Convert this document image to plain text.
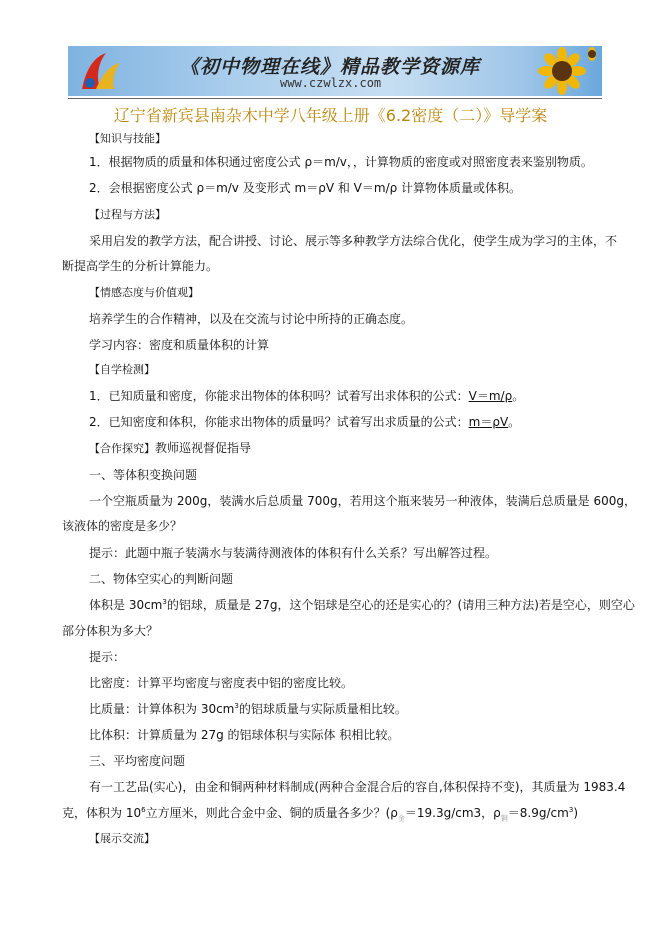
《初中物理在线》精品教学资源库
www.czwlzx.com
辽宁省新宾县南杂木中学八年级上册《6.2密度（二）》导学案
【知识与技能】
1．根据物质的质量和体积通过密度公式 ρ＝m/v，，计算物质的密度或对照密度表来鉴别物质。
2．会根据密度公式 ρ＝m/v 及变形式 m＝ρV 和 V＝m/ρ 计算物体质量或体积。
【过程与方法】
采用启发的教学方法，配合讲授、讨论、展示等多种教学方法综合优化，使学生成为学习的主体，不
断提高学生的分析计算能力。
【情感态度与价值观】
培养学生的合作精神，以及在交流与讨论中所持的正确态度。
学习内容：密度和质量体积的计算
【自学检测】
1．已知质量和密度，你能求出物体的体积吗？试着写出求体积的公式：V＝m/ρ。
2．已知密度和体积，你能求出物体的质量吗？试着写出求质量的公式：m＝ρV。
【合作探究】教师巡视督促指导
一、等体积变换问题
一个空瓶质量为 200g，装满水后总质量 700g，若用这个瓶来装另一种液体，装满后总质量是 600g，
该液体的密度是多少？
提示：此题中瓶子装满水与装满待测液体的体积有什么关系？写出解答过程。
二、物体空实心的判断问题
体积是 $30cm^3$的铝球，质量是 27g，这个铝球是空心的还是实心的？(请用三种方法)若是空心，则空心
部分体积为多大？
提示：
比密度：计算平均密度与密度表中铝的密度比较。
比质量：计算体积为 $30cm^3$的铝球质量与实际质量相比较。
比体积：计算质量为 27g 的铝球体积与实际体 积相比较。
三、平均密度问题
有一工艺品(实心)，由金和铜两种材料制成(两种合金混合后的容自,体积保持不变)，其质量为 1983.4
克，体积为 $10^6$立方厘米，则此合金中金、铜的质量各多少？($\rho_金=19.3g/cm3$，$\rho_铜=8.9g/cm^3$)
【展示交流】
